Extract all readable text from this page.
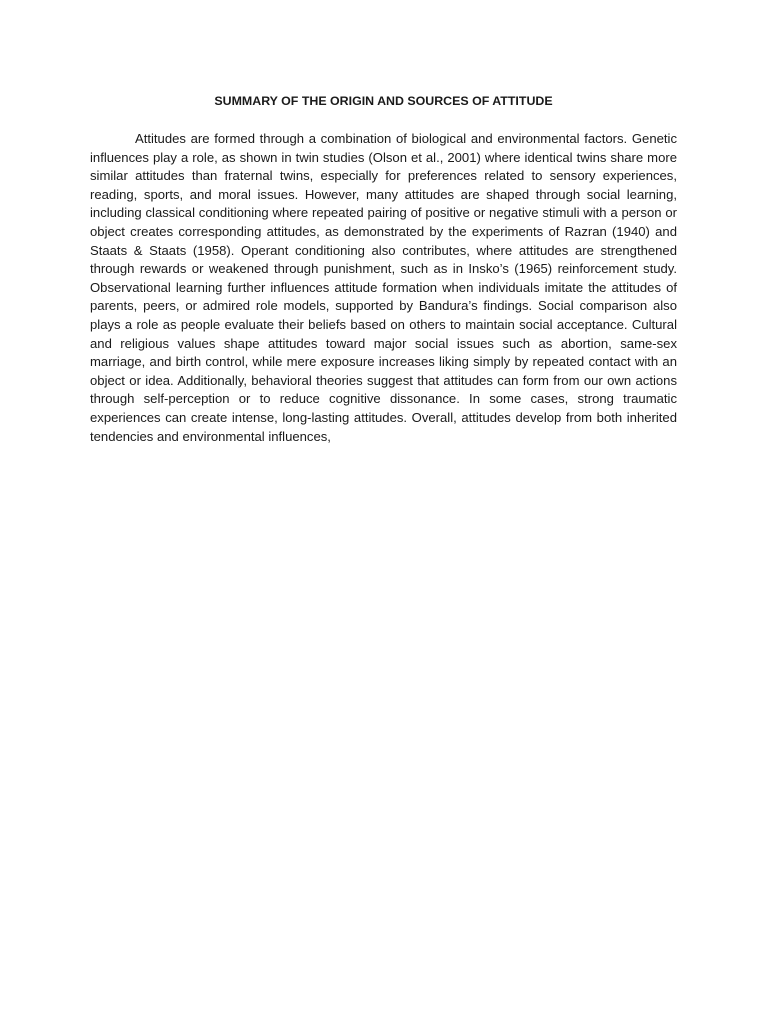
SUMMARY OF THE ORIGIN AND SOURCES OF ATTITUDE

Attitudes are formed through a combination of biological and environmental factors. Genetic influences play a role, as shown in twin studies (Olson et al., 2001) where identical twins share more similar attitudes than fraternal twins, especially for preferences related to sensory experiences, reading, sports, and moral issues. However, many attitudes are shaped through social learning, including classical conditioning where repeated pairing of positive or negative stimuli with a person or object creates corresponding attitudes, as demonstrated by the experiments of Razran (1940) and Staats & Staats (1958). Operant conditioning also contributes, where attitudes are strengthened through rewards or weakened through punishment, such as in Insko’s (1965) reinforcement study. Observational learning further influences attitude formation when individuals imitate the attitudes of parents, peers, or admired role models, supported by Bandura’s findings. Social comparison also plays a role as people evaluate their beliefs based on others to maintain social acceptance. Cultural and religious values shape attitudes toward major social issues such as abortion, same-sex marriage, and birth control, while mere exposure increases liking simply by repeated contact with an object or idea. Additionally, behavioral theories suggest that attitudes can form from our own actions through self-perception or to reduce cognitive dissonance. In some cases, strong traumatic experiences can create intense, long-lasting attitudes. Overall, attitudes develop from both inherited tendencies and environmental influences,
